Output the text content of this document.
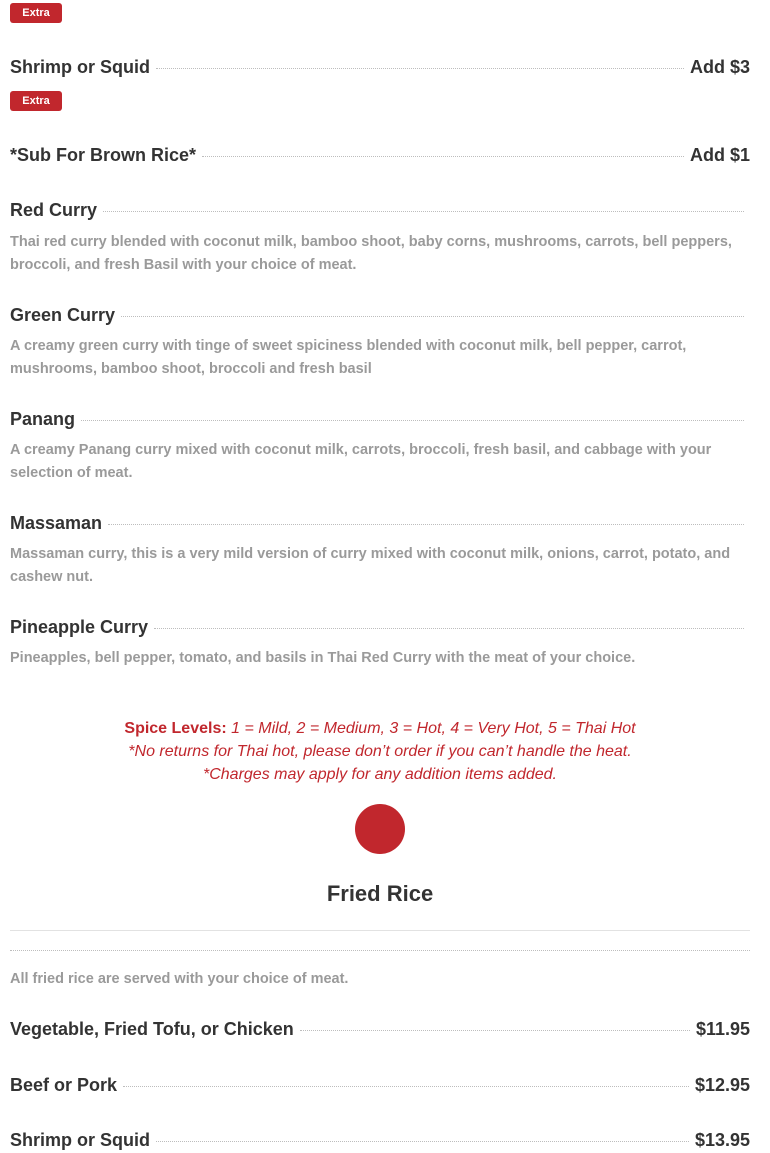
Extra
Shrimp or Squid	Add $3
Extra
*Sub For Brown Rice*	Add $1
Red Curry
Thai red curry blended with coconut milk, bamboo shoot, baby corns, mushrooms, carrots, bell peppers, broccoli, and fresh Basil with your choice of meat.
Green Curry
A creamy green curry with tinge of sweet spiciness blended with coconut milk, bell pepper, carrot, mushrooms, bamboo shoot, broccoli and fresh basil
Panang
A creamy Panang curry mixed with coconut milk, carrots, broccoli, fresh basil, and cabbage with your selection of meat.
Massaman
Massaman curry, this is a very mild version of curry mixed with coconut milk, onions, carrot, potato, and cashew nut.
Pineapple Curry
Pineapples, bell pepper, tomato, and basils in Thai Red Curry with the meat of your choice.
Spice Levels: 1 = Mild, 2 = Medium, 3 = Hot, 4 = Very Hot, 5 = Thai Hot
*No returns for Thai hot, please don’t order if you can’t handle the heat.
*Charges may apply for any addition items added.
Fried Rice
All fried rice are served with your choice of meat.
Vegetable, Fried Tofu, or Chicken	$11.95
Beef or Pork	$12.95
Shrimp or Squid	$13.95
